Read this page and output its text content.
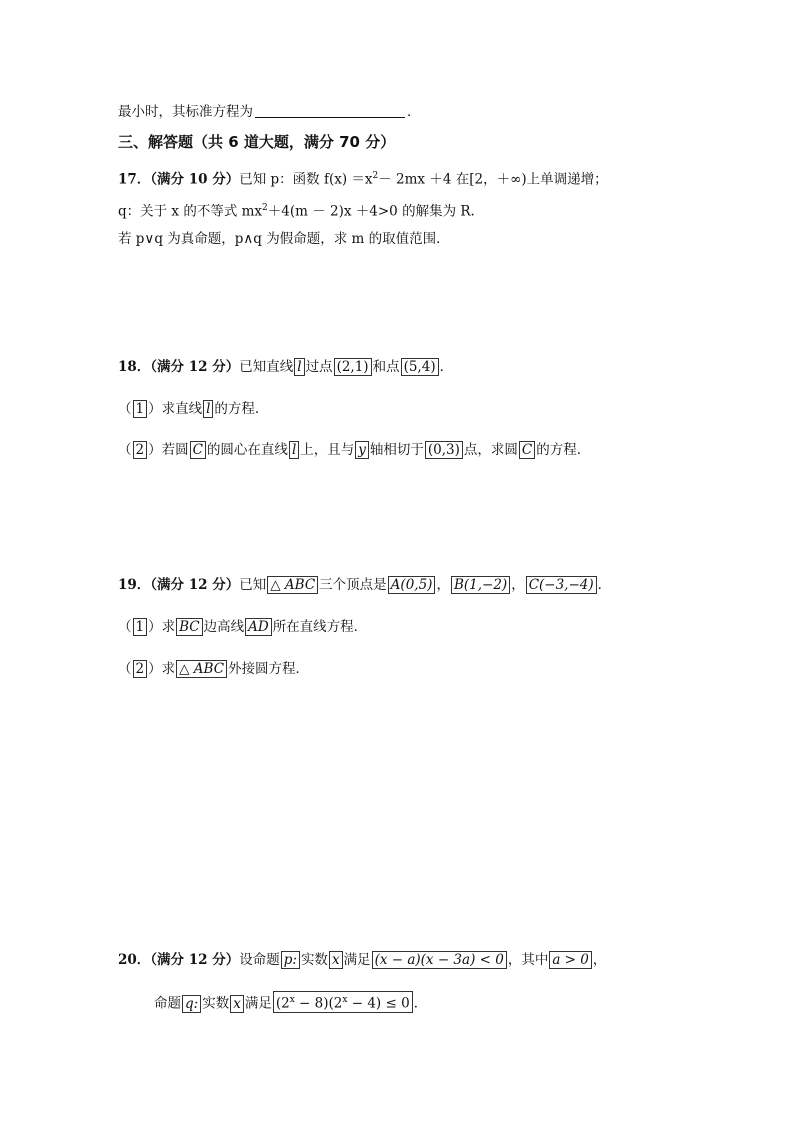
最小时，其标准方程为	．
三、解答题（共 6 道大题，满分 70 分）
17．（满分 10 分）已知 p：函数 $f(x) =x^2- 2mx +4$ 在[2，＋∞)上单调递增；
q：关于 x 的不等式 $mx^2+4(m - 2)x +4>0$ 的解集为 R.
若 p∨q 为真命题，p∧q 为假命题，求 m 的取值范围．
18．（满分 12 分）已知直线 l 过点 (2,1) 和点 (5,4) ．
（ 1 ）求直线 l 的方程．
（ 2 ）若圆 C 的圆心在直线 l 上，且与 y 轴相切于 (0,3) 点，求圆 C 的方程．
19．（满分 12 分）已知 △ ABC 三个顶点是 A(0,5) ， B(1,−2) ， C(−3,−4) ．
（ 1 ）求 BC 边高线 AD 所在直线方程．
（ 2 ）求 △ ABC 外接圆方程．
20．（满分 12 分）设命题 p: 实数 x 满足 (x − a)(x − 3a) < 0 ，其中 a > 0 ，
命题 q: 实数 x 满足 $(2^x - 8)(2^x - 4) \le 0$ ．
